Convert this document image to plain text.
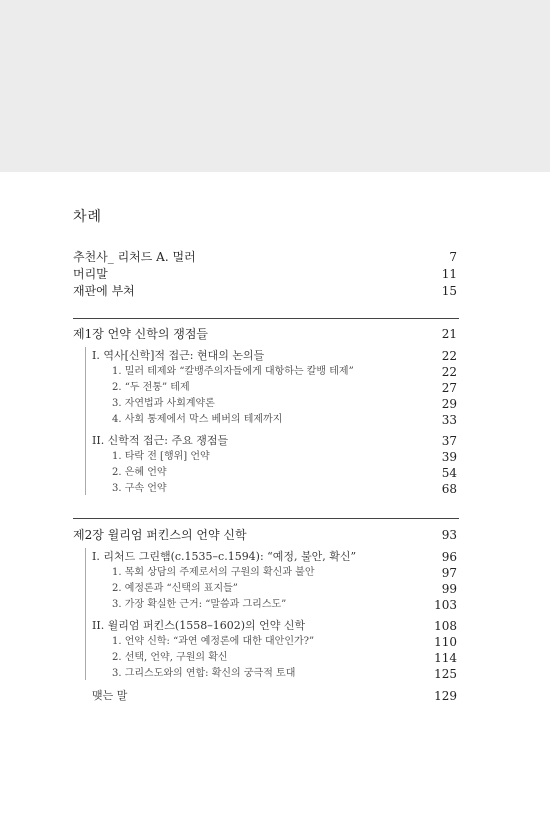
차례
추천사_ 리처드 A. 멀러	7
머리말	11
재판에 부쳐	15
제1장 언약 신학의 쟁점들	21
I. 역사[신학]적 접근: 현대의 논의들	22
1. 밀러 테제와 “칼뱅주의자들에게 대항하는 칼뱅 테제”	22
2. “두 전통” 테제	27
3. 자연법과 사회계약론	29
4. 사회 통제에서 막스 베버의 테제까지	33
II. 신학적 접근: 주요 쟁점들	37
1. 타락 전 [행위] 언약	39
2. 은혜 언약	54
3. 구속 언약	68
제2장 윌리엄 퍼킨스의 언약 신학	93
I. 리처드 그린햄(c.1535–c.1594): “예정, 불안, 확신”	96
1. 목회 상담의 주제로서의 구원의 확신과 불안	97
2. 예정론과 “신택의 표지들”	99
3. 가장 확실한 근거: “말씀과 그리스도”	103
II. 윌리엄 퍼킨스(1558–1602)의 언약 신학	108
1. 언약 신학: “과연 예정론에 대한 대안인가?”	110
2. 선택, 언약, 구원의 확신	114
3. 그리스도와의 연합: 확신의 궁극적 토대	125
맺는 말	129
